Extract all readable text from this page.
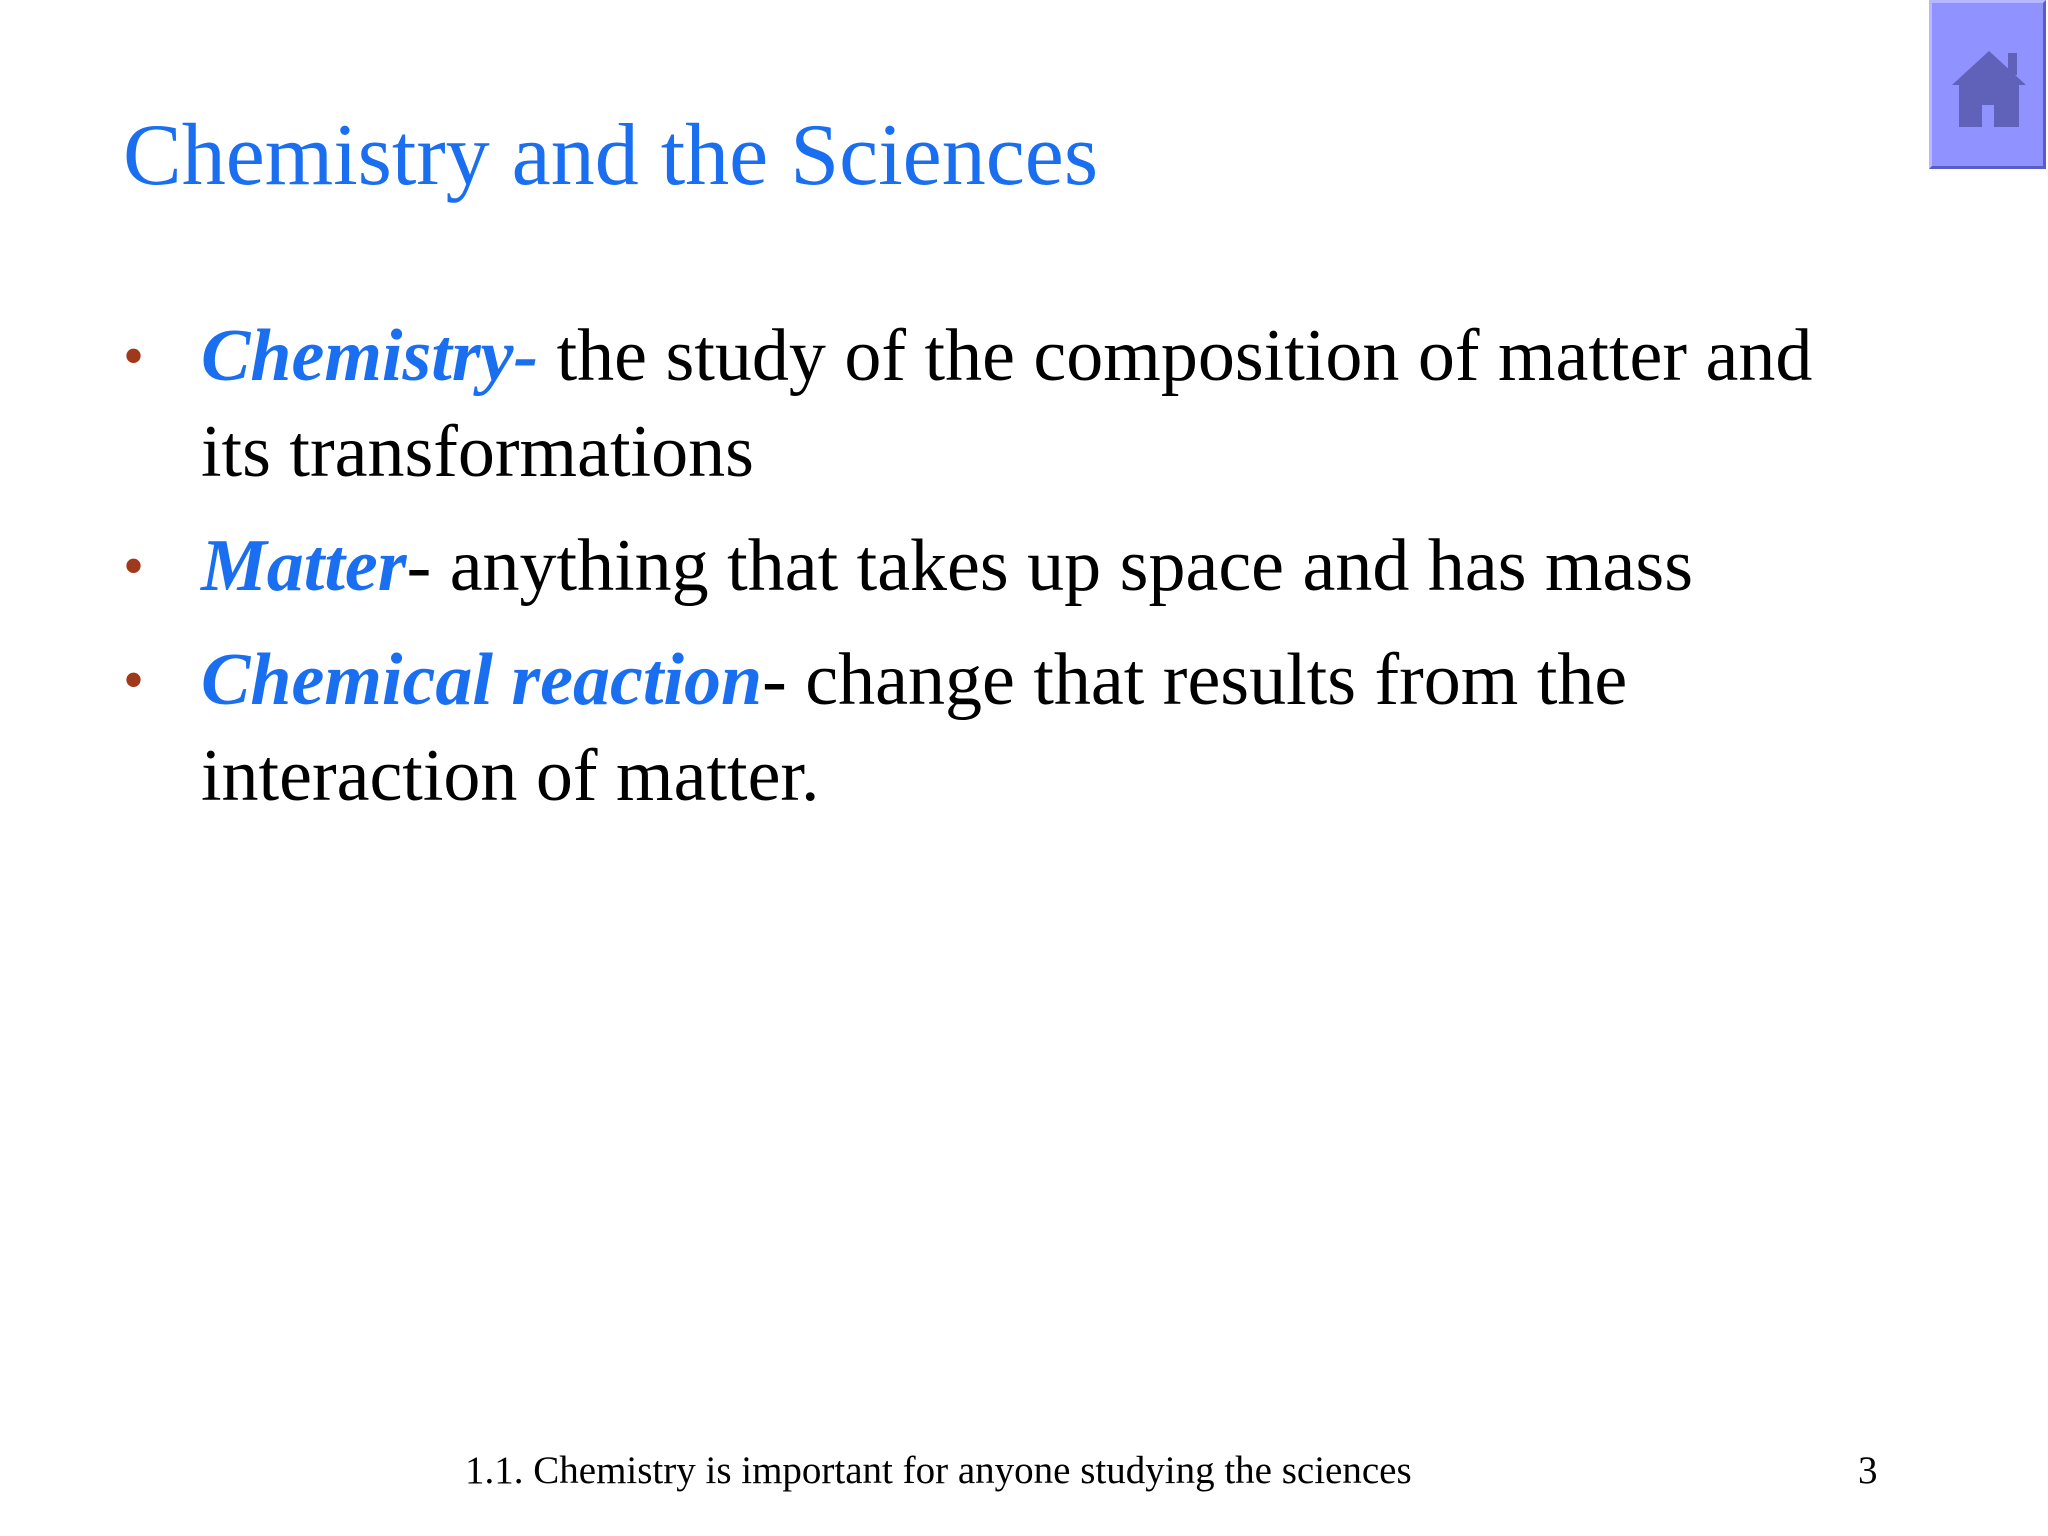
Chemistry and the Sciences
• Chemistry- the study of the composition of matter and its transformations
• Matter- anything that takes up space and has mass
• Chemical reaction- change that results from the interaction of matter.
1.1. Chemistry is important for anyone studying the sciences	3
